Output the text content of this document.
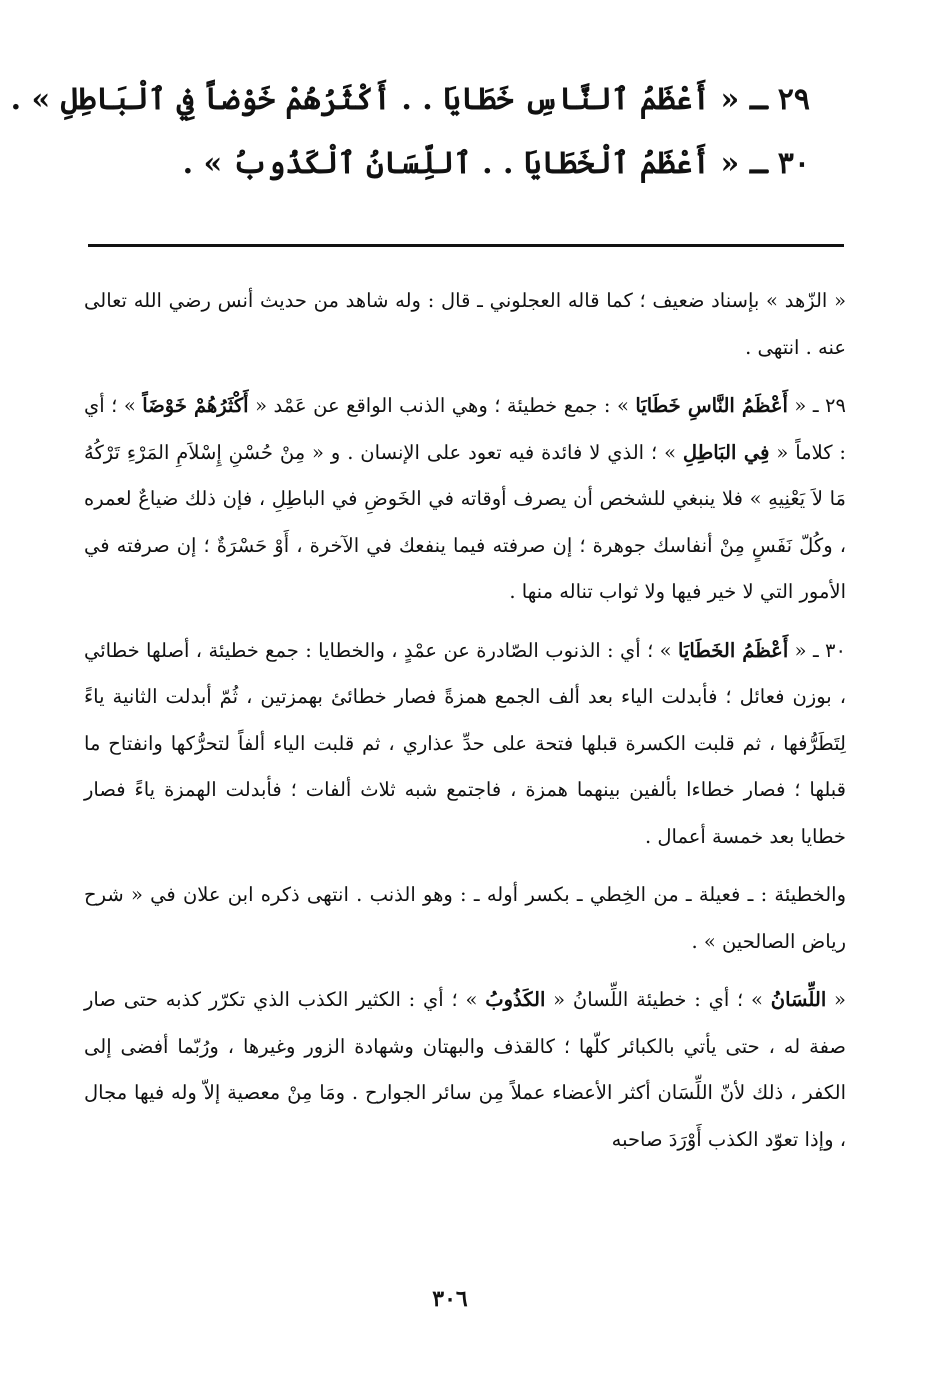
٢٩ ـ « أَعْظَمُ ٱلنَّاسِ خَطَايَا . . أَكْثَرُهُمْ خَوْضاً فِي ٱلْبَاطِلِ » .
٣٠ ـ « أَعْظَمُ ٱلْخَطَايَا . . ٱللِّسَانُ ٱلْكَذُوبُ » .

« الزّهد » بإسناد ضعيف ؛ كما قاله العجلوني ـ قال : وله شاهد من حديث أنس رضي الله تعالى عنه . انتهى .

٢٩ ـ « أَعْظَمُ النَّاسِ خَطَايَا » : جمع خطيئة ؛ وهي الذنب الواقع عن عَمْد « أَكْثَرُهُمْ خَوْضَاً » ؛ أي : كلاماً « فِي البَاطِلِ » ؛ الذي لا فائدة فيه تعود على الإنسان . و « مِنْ حُسْنِ إِسْلاَمِ المَرْءِ تَرْكُهُ مَا لاَ يَعْنِيهِ » فلا ينبغي للشخص أن يصرف أوقاته في الخَوضِ في الباطِلِ ، فإن ذلك ضياعٌ لعمره ، وكُلّ نَفَسٍ مِنْ أنفاسك جوهرة ؛ إن صرفته فيما ينفعك في الآخرة ، أَوْ حَسْرَةٌ ؛ إن صرفته في الأمور التي لا خير فيها ولا ثواب تناله منها .

٣٠ ـ « أَعْظَمُ الخَطَايَا » ؛ أي : الذنوب الصّادرة عن عمْدٍ ، والخطايا : جمع خطيئة ، أصلها خطائي ، بوزن فعائل ؛ فأبدلت الياء بعد ألف الجمع همزةً فصار خطائئ بهمزتين ، ثُمّ أبدلت الثانية ياءً لِتَطَرُّفها ، ثم قلبت الكسرة قبلها فتحة على حدِّ عذاري ، ثم قلبت الياء ألفاً لتحرُّكها وانفتاح ما قبلها ؛ فصار خطاءا بألفين بينهما همزة ، فاجتمع شبه ثلاث ألفات ؛ فأبدلت الهمزة ياءً فصار خطايا بعد خمسة أعمال .

والخطيئة : ـ فعيلة ـ من الخِطي ـ بكسر أوله ـ : وهو الذنب . انتهى ذكره ابن علان في « شرح رياض الصالحين » .

« اللِّسَانُ » ؛ أي : خطيئة اللِّسانُ « الكَذُوبُ » ؛ أي : الكثير الكذب الذي تكرّر كذبه حتى صار صفة له ، حتى يأتي بالكبائر كلّها ؛ كالقذف والبهتان وشهادة الزور وغيرها ، ورُبّما أفضى إلى الكفر ، ذلك لأنّ اللِّسَان أكثر الأعضاء عملاً مِن سائر الجوارح . ومَا مِنْ معصية إلاّ وله فيها مجال ، وإذا تعوّد الكذب أَوْرَدَ صاحبه

٣٠٦
